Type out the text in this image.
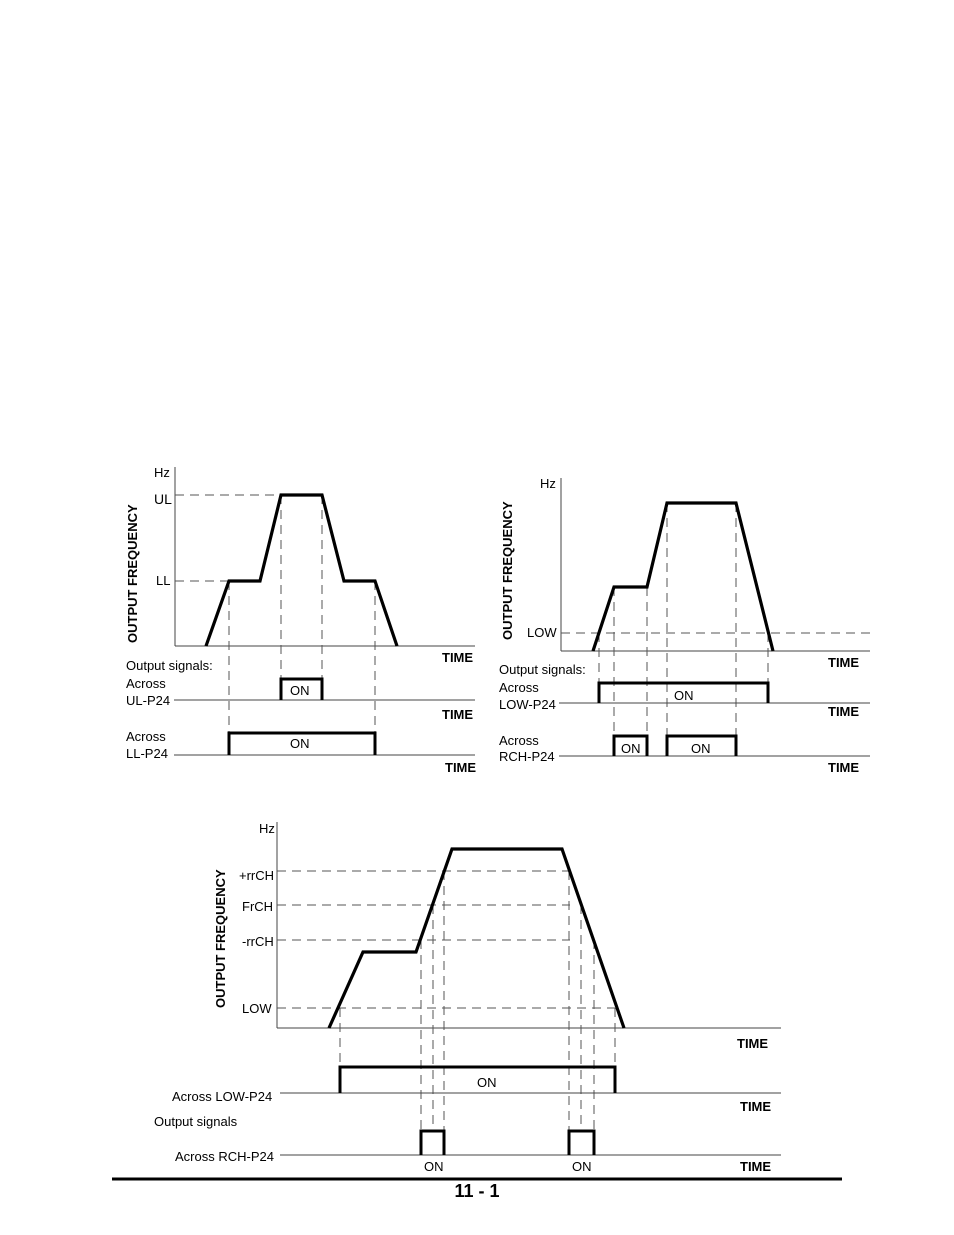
Hz
OUTPUT FREQUENCY
UL
LL
TIME
Output signals:
Across
UL-P24
ON
TIME
Across
LL-P24
ON
TIME
Hz
OUTPUT FREQUENCY LOW
TIME
Output signals:
Across
LOW-P24
ON
TIME
Across
RCH-P24
ON	ON
TIME
Hz
OUTPUT FREQUENCY +rrCH
FrCH
-rrCH
LOW
TIME
Across LOW-P24
ON
TIME
Output signals
Across RCH-P24
ON	ON	TIME
11 - 1
